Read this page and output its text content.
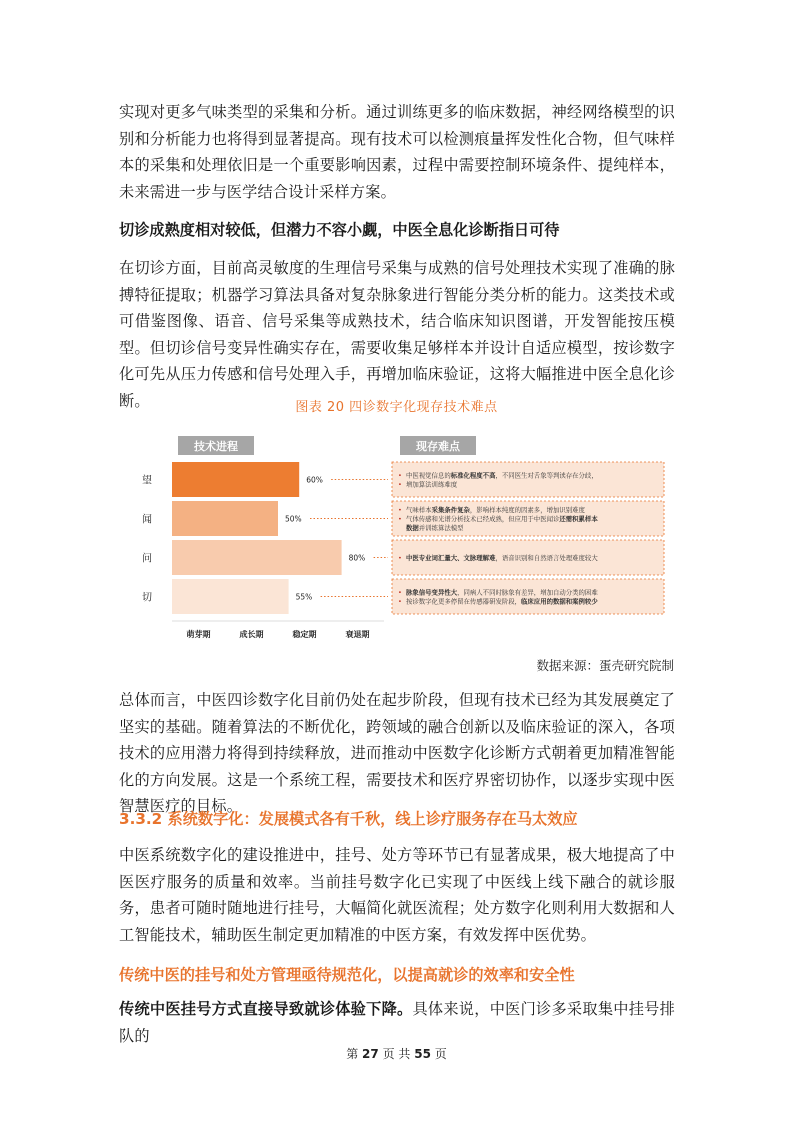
实现对更多气味类型的采集和分析。通过训练更多的临床数据，神经网络模型的识别和分析能力也将得到显著提高。现有技术可以检测痕量挥发性化合物，但气味样本的采集和处理依旧是一个重要影响因素，过程中需要控制环境条件、提纯样本，未来需进一步与医学结合设计采样方案。

切诊成熟度相对较低，但潜力不容小觑，中医全息化诊断指日可待

在切诊方面，目前高灵敏度的生理信号采集与成熟的信号处理技术实现了准确的脉搏特征提取；机器学习算法具备对复杂脉象进行智能分类分析的能力。这类技术或可借鉴图像、语音、信号采集等成熟技术，结合临床知识图谱，开发智能按压模型。但切诊信号变异性确实存在，需要收集足够样本并设计自适应模型，按诊数字化可先从压力传感和信号处理入手，再增加临床验证，这将大幅推进中医全息化诊断。	图表 20 四诊数字化现存技术难点
技术进程	现存难点
望	60%	• 中医视觉信息的标准化程度不高，不同医生对舌象等判读存在分歧，
• 增加算法训练难度
闻	50%
• 气味样本采集条件复杂，影响样本纯度的因素多，增加识别难度
• 气体传感和光谱分析技术已经成熟，但应用于中医闻诊还需积累样本
数据并训练算法模型
问	80%	• 中医专业词汇量大、文脉理解难，语音识别和自然语言处理难度较大
切	55%	• 脉象信号变异性大，同病人不同时脉象有差异，增加自动分类的困难
• 按诊数字化更多停留在传感器研发阶段，临床应用的数据和案例较少
萌芽期	成长期	稳定期	衰退期
数据来源：蛋壳研究院制

总体而言，中医四诊数字化目前仍处在起步阶段，但现有技术已经为其发展奠定了坚实的基础。随着算法的不断优化，跨领域的融合创新以及临床验证的深入，各项技术的应用潜力将得到持续释放，进而推动中医数字化诊断方式朝着更加精准智能化的方向发展。这是一个系统工程，需要技术和医疗界密切协作，以逐步实现中医智慧医疗的目标。

3.3.2 系统数字化：发展模式各有千秋，线上诊疗服务存在马太效应

中医系统数字化的建设推进中，挂号、处方等环节已有显著成果，极大地提高了中医医疗服务的质量和效率。当前挂号数字化已实现了中医线上线下融合的就诊服务，患者可随时随地进行挂号，大幅简化就医流程；处方数字化则利用大数据和人工智能技术，辅助医生制定更加精准的中医方案，有效发挥中医优势。

传统中医的挂号和处方管理亟待规范化，以提高就诊的效率和安全性

传统中医挂号方式直接导致就诊体验下降。具体来说，中医门诊多采取集中挂号排队的

第 27 页 共 55 页
